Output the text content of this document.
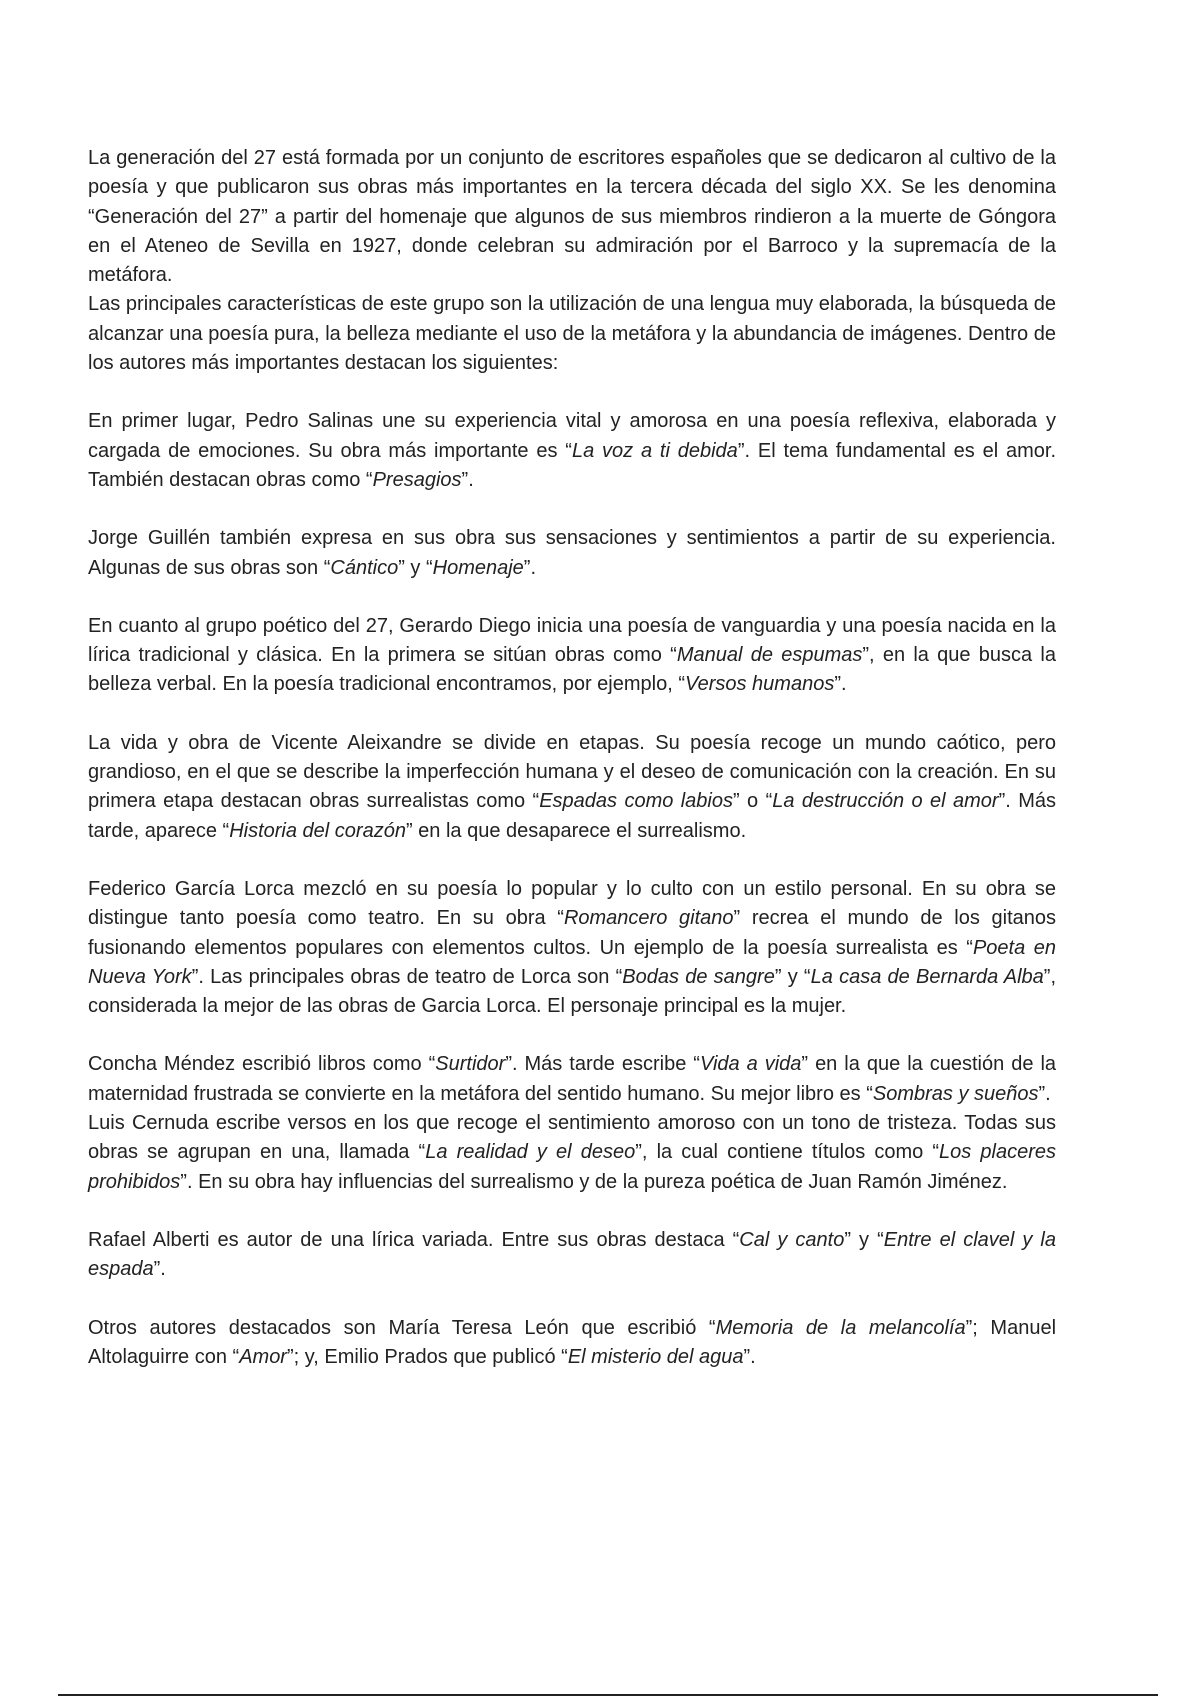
La generación del 27 está formada por un conjunto de escritores españoles que se dedicaron al cultivo de la poesía y que publicaron sus obras más importantes en la tercera década del siglo XX. Se les denomina “Generación del 27” a partir del homenaje que algunos de sus miembros rindieron a la muerte de Góngora en el Ateneo de Sevilla en 1927, donde celebran su admiración por el Barroco y la supremacía de la metáfora.

Las principales características de este grupo son la utilización de una lengua muy elaborada, la búsqueda de alcanzar una poesía pura, la belleza mediante el uso de la metáfora y la abundancia de imágenes. Dentro de los autores más importantes destacan los siguientes:

En primer lugar, Pedro Salinas une su experiencia vital y amorosa en una poesía reflexiva, elaborada y cargada de emociones. Su obra más importante es “La voz a ti debida”. El tema fundamental es el amor. También destacan obras como “Presagios”.

Jorge Guillén también expresa en sus obra sus sensaciones y sentimientos a partir de su experiencia. Algunas de sus obras son “Cántico” y “Homenaje”.

En cuanto al grupo poético del 27, Gerardo Diego inicia una poesía de vanguardia y una poesía nacida en la lírica tradicional y clásica. En la primera se sitúan obras como “Manual de espumas”, en la que busca la belleza verbal. En la poesía tradicional encontramos, por ejemplo, “Versos humanos”.

La vida y obra de Vicente Aleixandre se divide en etapas. Su poesía recoge un mundo caótico, pero grandioso, en el que se describe la imperfección humana y el deseo de comunicación con la creación. En su primera etapa destacan obras surrealistas como “Espadas como labios” o “La destrucción o el amor”. Más tarde, aparece “Historia del corazón” en la que desaparece el surrealismo.

Federico García Lorca mezcló en su poesía lo popular y lo culto con un estilo personal. En su obra se distingue tanto poesía como teatro. En su obra “Romancero gitano” recrea el mundo de los gitanos fusionando elementos populares con elementos cultos. Un ejemplo de la poesía surrealista es “Poeta en Nueva York”. Las principales obras de teatro de Lorca son “Bodas de sangre” y “La casa de Bernarda Alba”, considerada la mejor de las obras de Garcia Lorca. El personaje principal es la mujer.

Concha Méndez escribió libros como “Surtidor”. Más tarde escribe “Vida a vida” en la que la cuestión de la maternidad frustrada se convierte en la metáfora del sentido humano. Su mejor libro es “Sombras y sueños”.

Luis Cernuda escribe versos en los que recoge el sentimiento amoroso con un tono de tristeza. Todas sus obras se agrupan en una, llamada “La realidad y el deseo”, la cual contiene títulos como “Los placeres prohibidos”. En su obra hay influencias del surrealismo y de la pureza poética de Juan Ramón Jiménez.

Rafael Alberti es autor de una lírica variada. Entre sus obras destaca “Cal y canto” y “Entre el clavel y la espada”.

Otros autores destacados son María Teresa León que escribió “Memoria de la melancolía”; Manuel Altolaguirre con “Amor”; y, Emilio Prados que publicó “El misterio del agua”.
